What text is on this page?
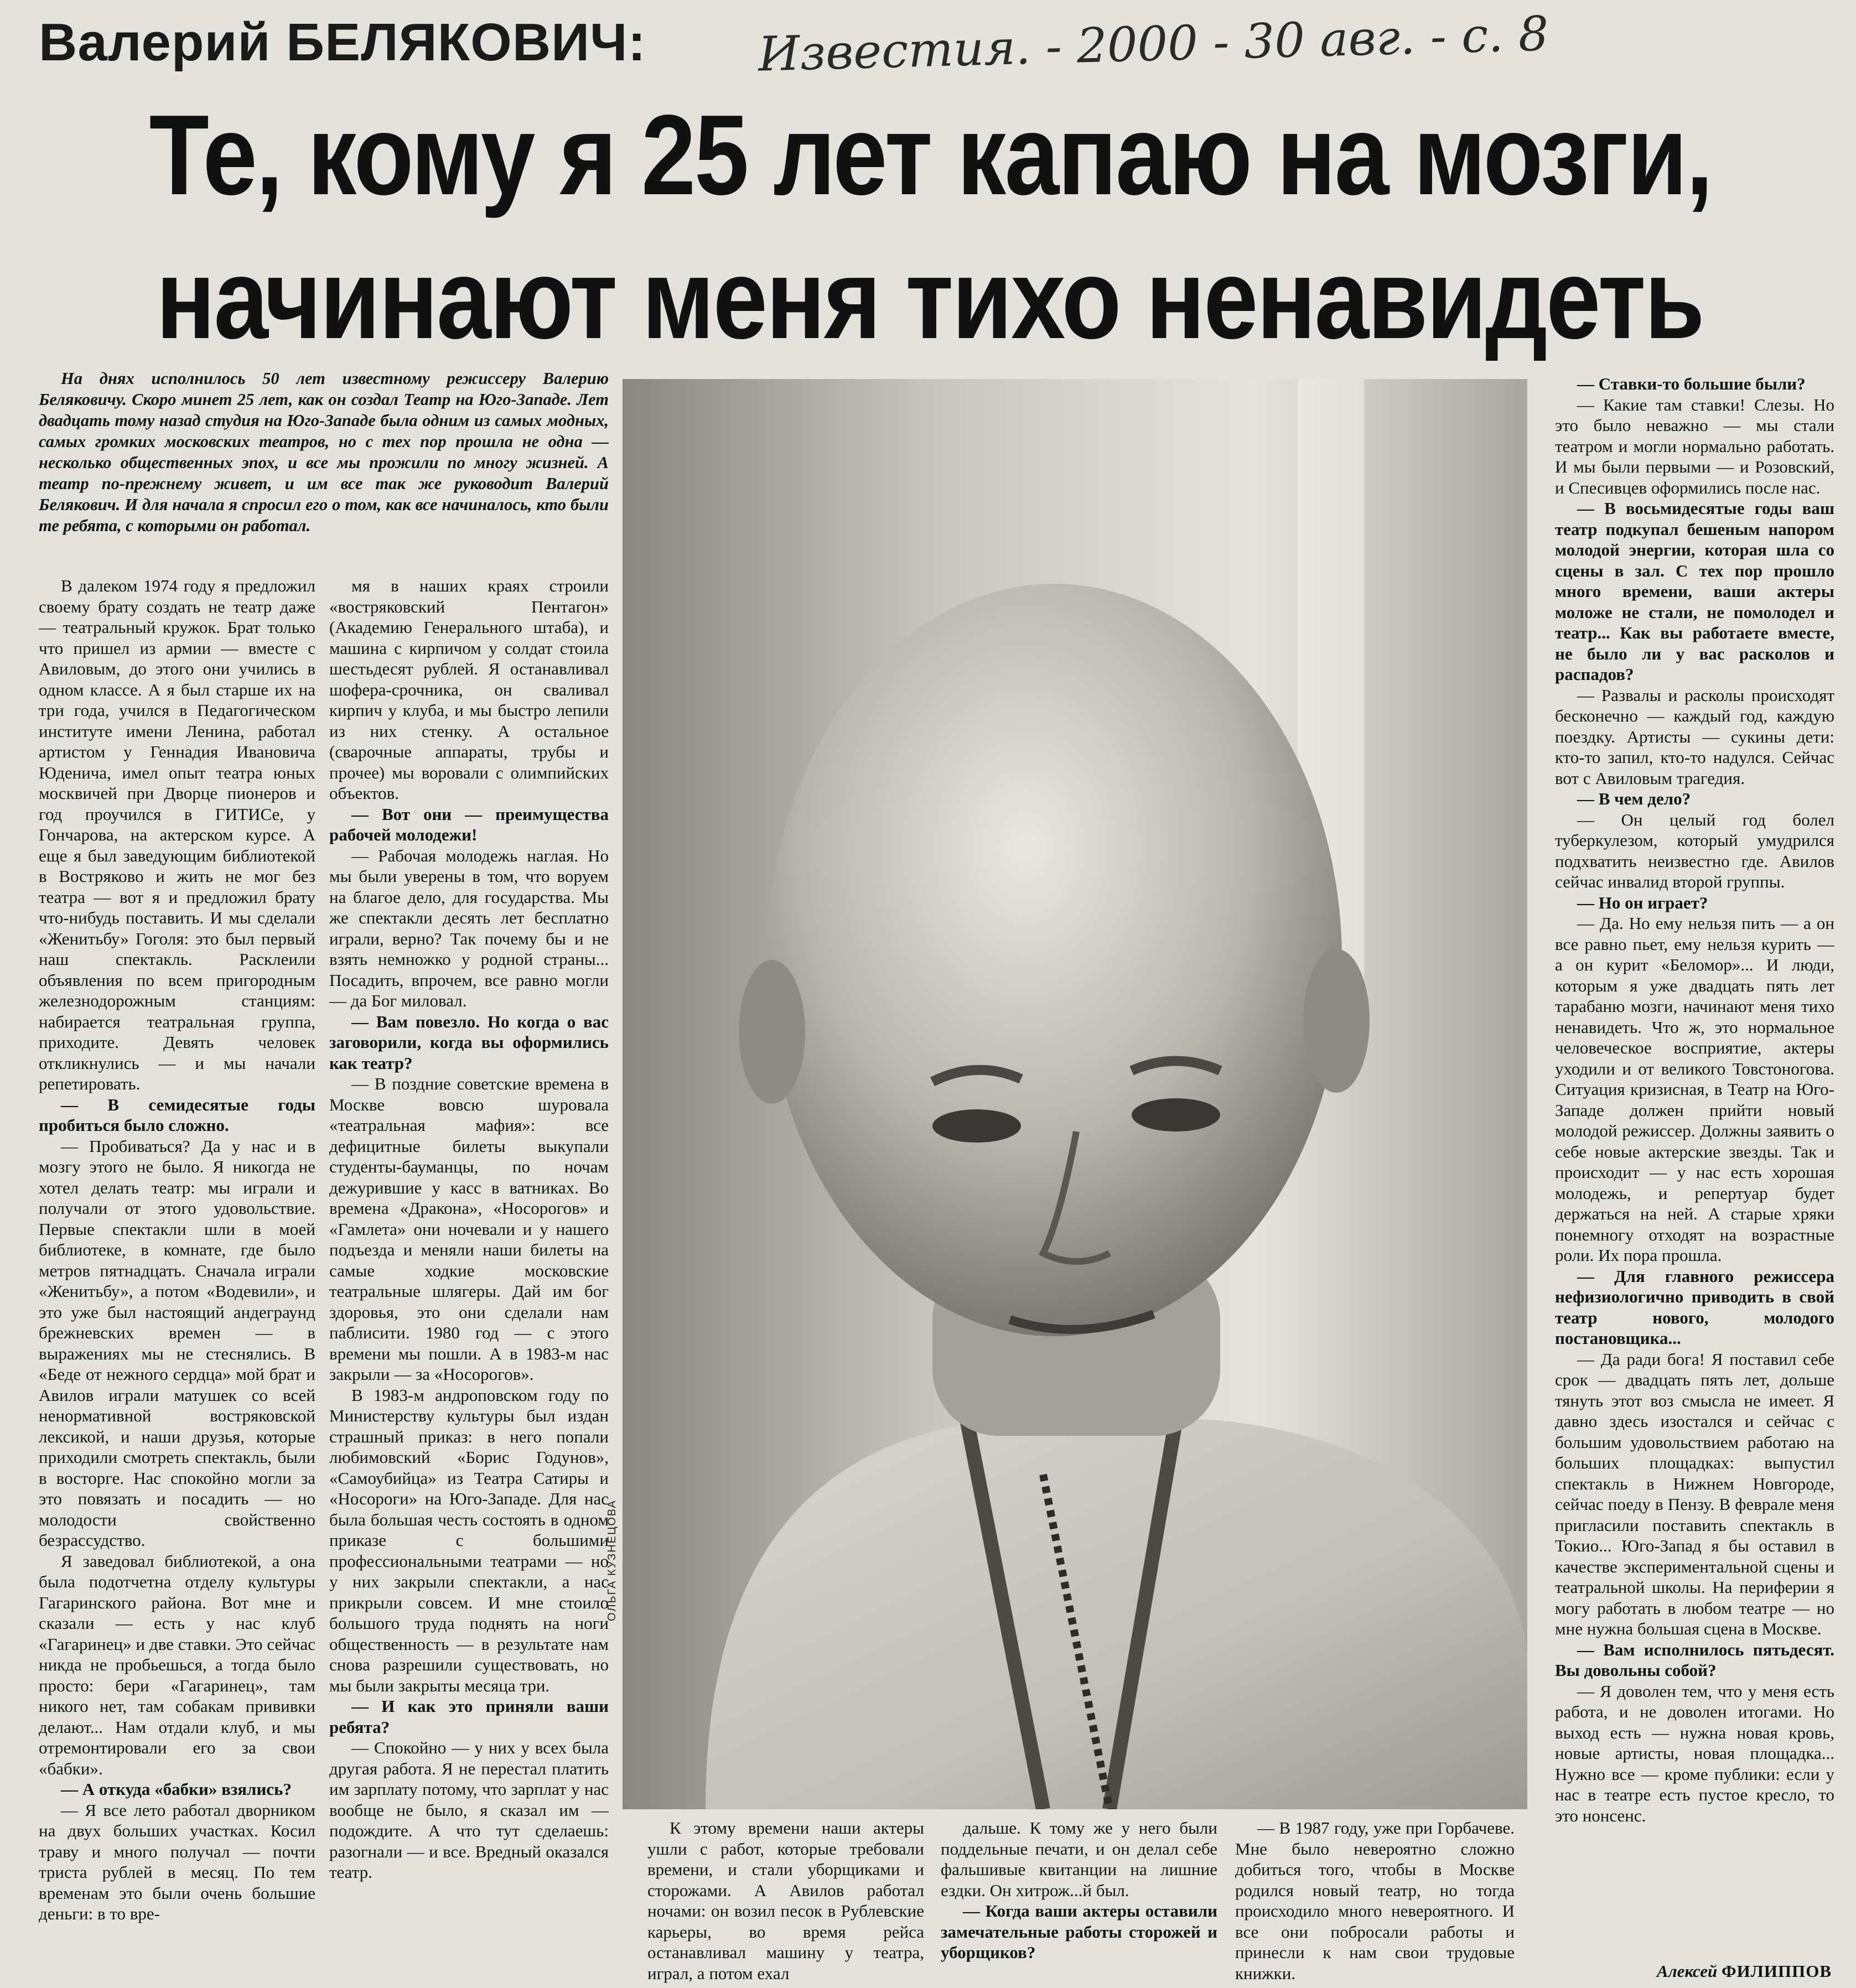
Валерий БЕЛЯКОВИЧ: Известия. - 2000 - 30 авг. - с. 8
Те, кому я 25 лет капаю на мозги,
начинают меня тихо ненавидеть
На днях исполнилось 50 лет известному режиссеру Валерию Беляковичу. Скоро минет 25 лет, как он создал Театр на Юго-Западе. Лет двадцать тому назад студия на Юго-Западе была одним из самых модных, самых громких московских театров, но с тех пор прошла не одна — несколько общественных эпох, и все мы прожили по многу жизней. А театр по-прежнему живет, и им все так же руководит Валерий Белякович. И для начала я спросил его о том, как все начиналось, кто были те ребята, с которыми он работал.

В далеком 1974 году я предложил своему брату создать не театр даже — театральный кружок. Брат только что пришел из армии — вместе с Авиловым, до этого они учились в одном классе. А я был старше их на три года, учился в Педагогическом институте имени Ленина, работал артистом у Геннадия Ивановича Юденича, имел опыт театра юных москвичей при Дворце пионеров и год проучился в ГИТИСе, у Гончарова, на актерском курсе. А еще я был заведующим библиотекой в Востряково и жить не мог без театра — вот я и предложил брату что-нибудь поставить. И мы сделали «Женитьбу» Гоголя: это был первый наш спектакль. Расклеили объявления по всем пригородным железнодорожным станциям: набирается театральная группа, приходите. Девять человек откликнулись — и мы начали репетировать.

— В семидесятые годы пробиться было сложно.

— Пробиваться? Да у нас и в мозгу этого не было. Я никогда не хотел делать театр: мы играли и получали от этого удовольствие. Первые спектакли шли в моей библиотеке, в комнате, где было метров пятнадцать. Сначала играли «Женитьбу», а потом «Водевили», и это уже был настоящий андеграунд брежневских времен — в выражениях мы не стеснялись. В «Беде от нежного сердца» мой брат и Авилов играли матушек со всей ненормативной востряковской лексикой, и наши друзья, которые приходили смотреть спектакль, были в восторге. Нас спокойно могли за это повязать и посадить — но молодости свойственно безрассудство.

Я заведовал библиотекой, а она была подотчетна отделу культуры Гагаринского района. Вот мне и сказали — есть у нас клуб «Гагаринец» и две ставки. Это сейчас никда не пробьешься, а тогда было просто: бери «Гагаринец», там никого нет, там собакам прививки делают... Нам отдали клуб, и мы отремонтировали его за свои «бабки».

— А откуда «бабки» взялись?

— Я все лето работал дворником на двух больших участках. Косил траву и много получал — почти триста рублей в месяц. По тем временам это были очень большие деньги: в то вре-

мя в наших краях строили «востряковский Пентагон» (Академию Генерального штаба), и машина с кирпичом у солдат стоила шестьдесят рублей. Я останавливал шофера-срочника, он сваливал кирпич у клуба, и мы быстро лепили из них стенку. А остальное (сварочные аппараты, трубы и прочее) мы воровали с олимпийских объектов.

— Вот они — преимущества рабочей молодежи!

— Рабочая молодежь наглая. Но мы были уверены в том, что воруем на благое дело, для государства. Мы же спектакли десять лет бесплатно играли, верно? Так почему бы и не взять немножко у родной страны... Посадить, впрочем, все равно могли — да Бог миловал.

— Вам повезло. Но когда о вас заговорили, когда вы оформились как театр?

— В поздние советские времена в Москве вовсю шуровала «театральная мафия»: все дефицитные билеты выкупали студенты-бауманцы, по ночам дежурившие у касс в ватниках. Во времена «Дракона», «Носорогов» и «Гамлета» они ночевали и у нашего подъезда и меняли наши билеты на самые ходкие московские театральные шлягеры. Дай им бог здоровья, это они сделали нам паблисити. 1980 год — с этого времени мы пошли. А в 1983-м нас закрыли — за «Носорогов».

В 1983-м андроповском году по Министерству культуры был издан страшный приказ: в него попали любимовский «Борис Годунов», «Самоубийца» из Театра Сатиры и «Носороги» на Юго-Западе. Для нас была большая честь состоять в одном приказе с большими профессиональными театрами — но у них закрыли спектакли, а нас прикрыли совсем. И мне стоило большого труда поднять на ноги общественность — в результате нам снова разрешили существовать, но мы были закрыты месяца три.

— И как это приняли ваши ребята?

— Спокойно — у них у всех была другая работа. Я не перестал платить им зарплату потому, что зарплат у нас вообще не было, я сказал им — подождите. А что тут сделаешь: разогнали — и все. Вредный оказался театр.

ОЛЬГА КУЗНЕЦОВА

К этому времени наши актеры ушли с работ, которые требовали времени, и стали уборщиками и сторожами. А Авилов работал ночами: он возил песок в Рублевские карьеры, во время рейса останавливал машину у театра, играл, а потом ехал

дальше. К тому же у него были поддельные печати, и он делал себе фальшивые квитанции на лишние ездки. Он хитрож...й был.

— Когда ваши актеры оставили замечательные работы сторожей и уборщиков?

— В 1987 году, уже при Горбачеве. Мне было невероятно сложно добиться того, чтобы в Москве родился новый театр, но тогда происходило много невероятного. И все они побросали работы и принесли к нам свои трудовые книжки.

— Ставки-то большие были?

— Какие там ставки! Слезы. Но это было неважно — мы стали театром и могли нормально работать. И мы были первыми — и Розовский, и Спесивцев оформились после нас.

— В восьмидесятые годы ваш театр подкупал бешеным напором молодой энергии, которая шла со сцены в зал. С тех пор прошло много времени, ваши актеры моложе не стали, не помолодел и театр... Как вы работаете вместе, не было ли у вас расколов и распадов?

— Развалы и расколы происходят бесконечно — каждый год, каждую поездку. Артисты — сукины дети: кто-то запил, кто-то надулся. Сейчас вот с Авиловым трагедия.

— В чем дело?

— Он целый год болел туберкулезом, который умудрился подхватить неизвестно где. Авилов сейчас инвалид второй группы.

— Но он играет?

— Да. Но ему нельзя пить — а он все равно пьет, ему нельзя курить — а он курит «Беломор»... И люди, которым я уже двадцать пять лет тарабаню мозги, начинают меня тихо ненавидеть. Что ж, это нормальное человеческое восприятие, актеры уходили и от великого Товстоногова. Ситуация кризисная, в Театр на Юго-Западе должен прийти новый молодой режиссер. Должны заявить о себе новые актерские звезды. Так и происходит — у нас есть хорошая молодежь, и репертуар будет держаться на ней. А старые хряки понемногу отходят на возрастные роли. Их пора прошла.

— Для главного режиссера нефизиологично приводить в свой театр нового, молодого постановщика...

— Да ради бога! Я поставил себе срок — двадцать пять лет, дольше тянуть этот воз смысла не имеет. Я давно здесь изостался и сейчас с большим удовольствием работаю на больших площадках: выпустил спектакль в Нижнем Новгороде, сейчас поеду в Пензу. В феврале меня пригласили поставить спектакль в Токио... Юго-Запад я бы оставил в качестве экспериментальной сцены и театральной школы. На периферии я могу работать в любом театре — но мне нужна большая сцена в Москве.

— Вам исполнилось пятьдесят. Вы довольны собой?

— Я доволен тем, что у меня есть работа, и не доволен итогами. Но выход есть — нужна новая кровь, новые артисты, новая площадка... Нужно все — кроме публики: если у нас в театре есть пустое кресло, то это нонсенс.

Алексей ФИЛИППОВ
